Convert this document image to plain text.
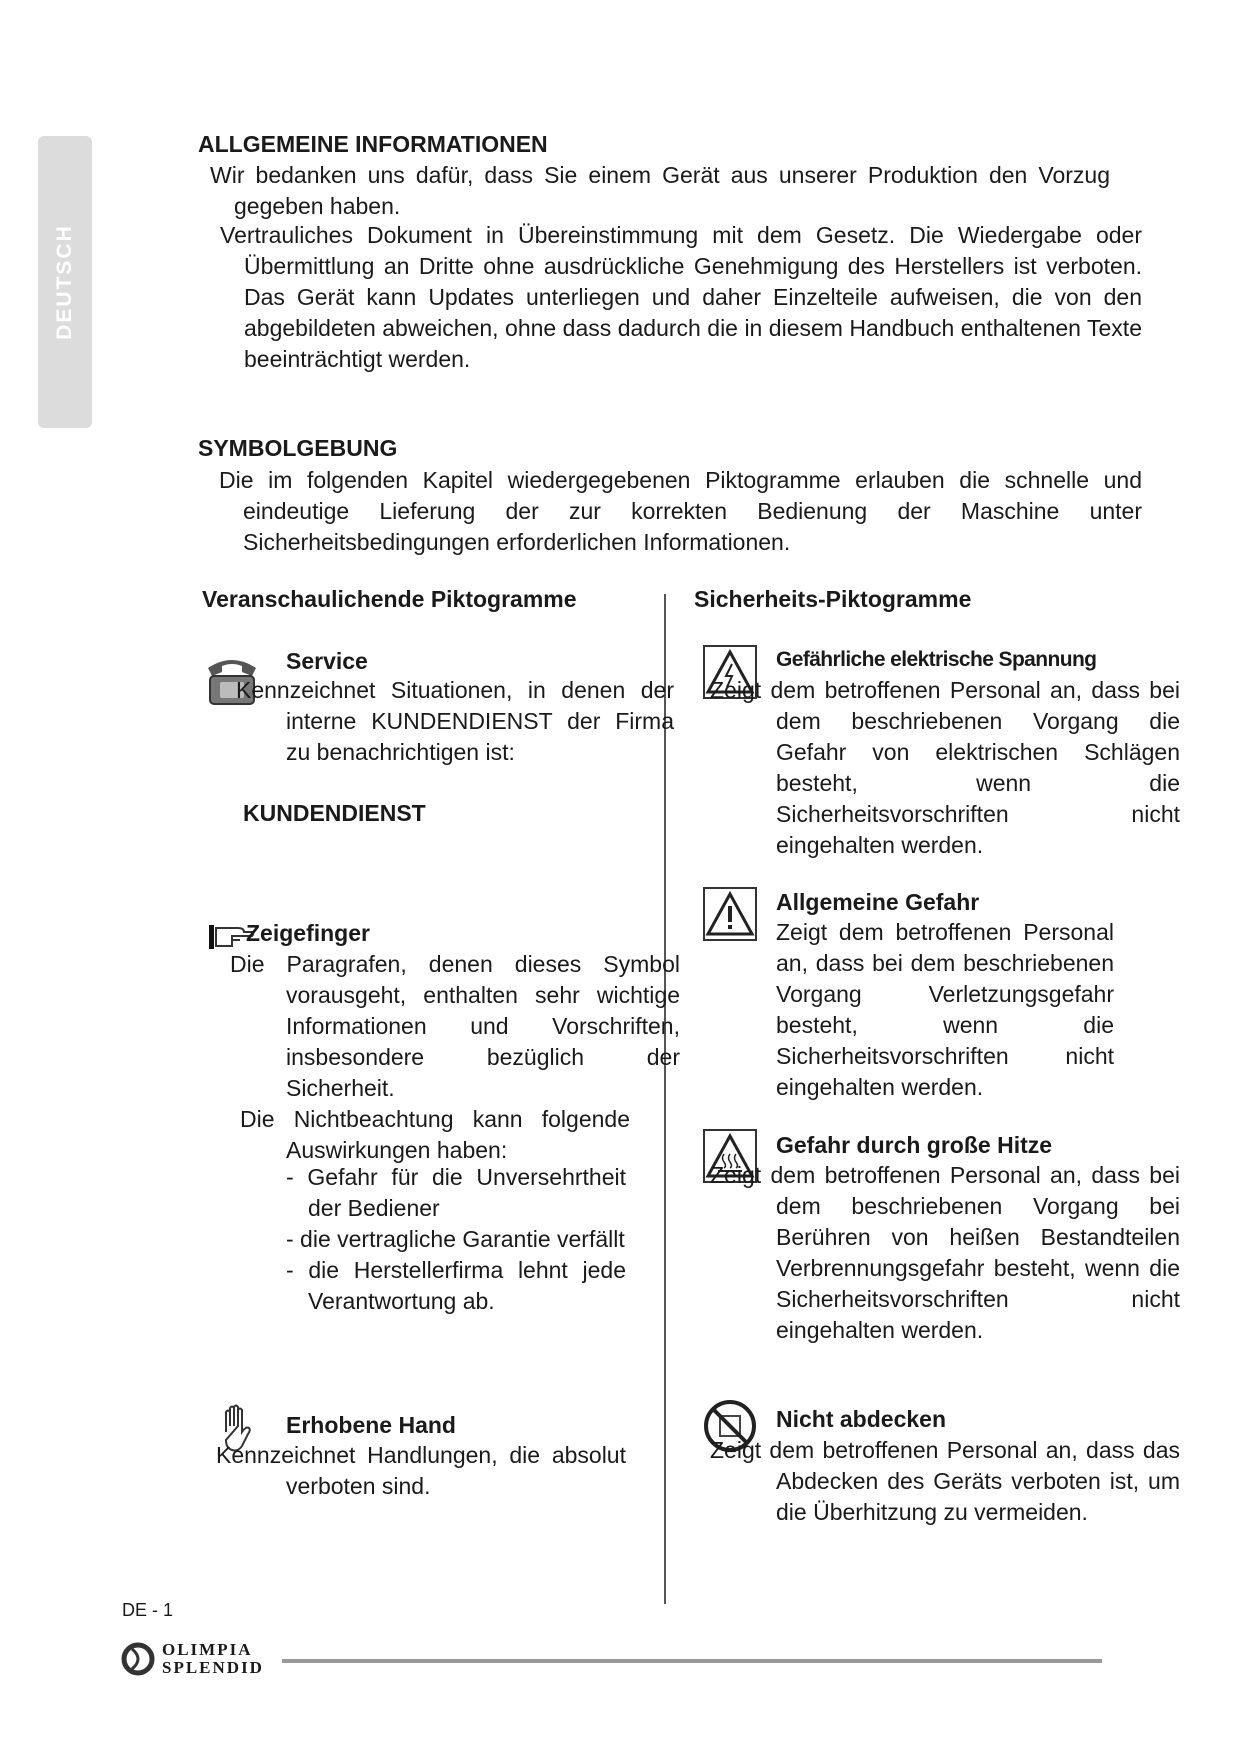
DEUTSCH
ALLGEMEINE INFORMATIONEN

Wir bedanken uns dafür, dass Sie einem Gerät aus unserer Produktion den Vorzug gegeben haben.

Vertrauliches Dokument in Übereinstimmung mit dem Gesetz. Die Wiedergabe oder Übermittlung an Dritte ohne ausdrückliche Genehmigung des Herstellers ist verboten. Das Gerät kann Updates unterliegen und daher Einzelteile aufweisen, die von den abgebildeten abweichen, ohne dass dadurch die in diesem Handbuch enthaltenen Texte beeinträchtigt werden.

SYMBOLGEBUNG

Die im folgenden Kapitel wiedergegebenen Piktogramme erlauben die schnelle und eindeutige Lieferung der zur korrekten Bedienung der Maschine unter Sicherheitsbedingungen erforderlichen Informationen.

Veranschaulichende Piktogramme	Sicherheits-Piktogramme
Service

Kennzeichnet Situationen, in denen der interne KUNDENDIENST der Firma zu benachrichtigen ist:

KUNDENDIENST
Zeigefinger

Die Paragrafen, denen dieses Symbol vorausgeht, enthalten sehr wichtige Informationen und Vorschriften, insbesondere bezüglich der Sicherheit.

Die Nichtbeachtung kann folgende Auswirkungen haben:

- Gefahr für die Unversehrtheit der Bediener
- die vertragliche Garantie verfällt
- die Herstellerfirma lehnt jede Verantwortung ab.
Erhobene Hand

Kennzeichnet Handlungen, die absolut verboten sind.

Gefährliche elektrische Spannung

Zeigt dem betroffenen Personal an, dass bei dem beschriebenen Vorgang die Gefahr von elektrischen Schlägen besteht, wenn die Sicherheitsvorschriften nicht eingehalten werden.

Allgemeine Gefahr

Zeigt dem betroffenen Personal an, dass bei dem beschriebenen Vorgang Verletzungsgefahr besteht, wenn die Sicherheitsvorschriften nicht eingehalten werden.

Gefahr durch große Hitze

Zeigt dem betroffenen Personal an, dass bei dem beschriebenen Vorgang bei Berühren von heißen Bestandteilen Verbrennungsgefahr besteht, wenn die Sicherheitsvorschriften nicht eingehalten werden.

Nicht abdecken

Zeigt dem betroffenen Personal an, dass das Abdecken des Geräts verboten ist, um die Überhitzung zu vermeiden.

DE - 1
OLIMPIA
SPLENDID
